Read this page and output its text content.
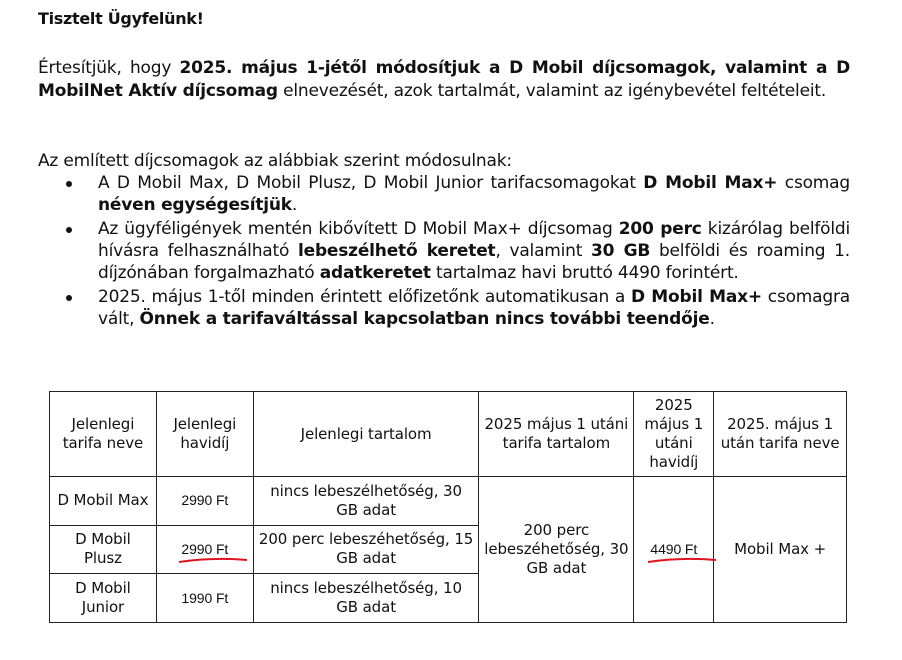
Tisztelt Ügyfelünk!
Értesítjük, hogy 2025. május 1-jétől módosítjuk a D Mobil díjcsomagok, valamint a D MobilNet Aktív díjcsomag elnevezését, azok tartalmát, valamint az igénybevétel feltételeit.
Az említett díjcsomagok az alábbiak szerint módosulnak:
A D Mobil Max, D Mobil Plusz, D Mobil Junior tarifacsomagokat D Mobil Max+ csomag néven egységesítjük.
Az ügyféligények mentén kibővített D Mobil Max+ díjcsomag 200 perc kizárólag belföldi hívásra felhasználható lebeszélhető keretet, valamint 30 GB belföldi és roaming 1. díjzónában forgalmazható adatkeretet tartalmaz havi bruttó 4490 forintért.
2025. május 1-től minden érintett előfizetőnk automatikusan a D Mobil Max+ csomagra vált, Önnek a tarifaváltással kapcsolatban nincs további teendője.
Jelenlegi tarifa neve	Jelenlegi havidíj	Jelenlegi tartalom	2025 május 1 utáni tarifa tartalom	2025 május 1 utáni havidíj	2025. május 1 után tarifa neve
D Mobil Max	2990 Ft	nincs lebeszélhetőség, 30 GB adat	200 perc lebeszéhetőség, 30 GB adat	4490 Ft	Mobil Max +
D Mobil Plusz	2990 Ft	200 perc lebeszéhetőség, 15 GB adat			
D Mobil Junior	1990 Ft	nincs lebeszélhetőség, 10 GB adat			
